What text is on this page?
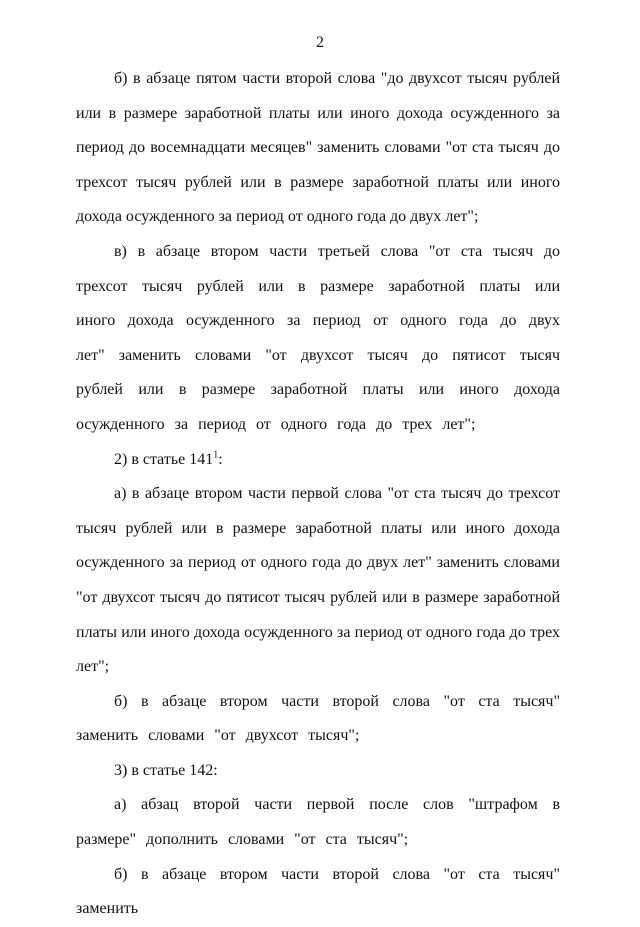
2

б) в абзаце пятом части второй слова "до двухсот тысяч рублей или в размере заработной платы или иного дохода осужденного за период до восемнадцати месяцев" заменить словами "от ста тысяч до трехсот тысяч рублей или в размере заработной платы или иного дохода осужденного за период от одного года до двух лет";

в) в абзаце втором части третьей слова "от ста тысяч до трехсот тысяч рублей или в размере заработной платы или иного дохода осужденного за период от одного года до двух лет" заменить словами "от двухсот тысяч до пятисот тысяч рублей или в размере заработной платы или иного дохода осужденного за период от одного года до трех лет";

2) в статье $141^1$:

а) в абзаце втором части первой слова "от ста тысяч до трехсот тысяч рублей или в размере заработной платы или иного дохода осужденного за период от одного года до двух лет" заменить словами "от двухсот тысяч до пятисот тысяч рублей или в размере заработной платы или иного дохода осужденного за период от одного года до трех лет";

б) в абзаце втором части второй слова "от ста тысяч" заменить словами "от двухсот тысяч";

3) в статье 142:

а) абзац второй части первой после слов "штрафом в размере" дополнить словами "от ста тысяч";

б) в абзаце втором части второй слова "от ста тысяч" заменить
